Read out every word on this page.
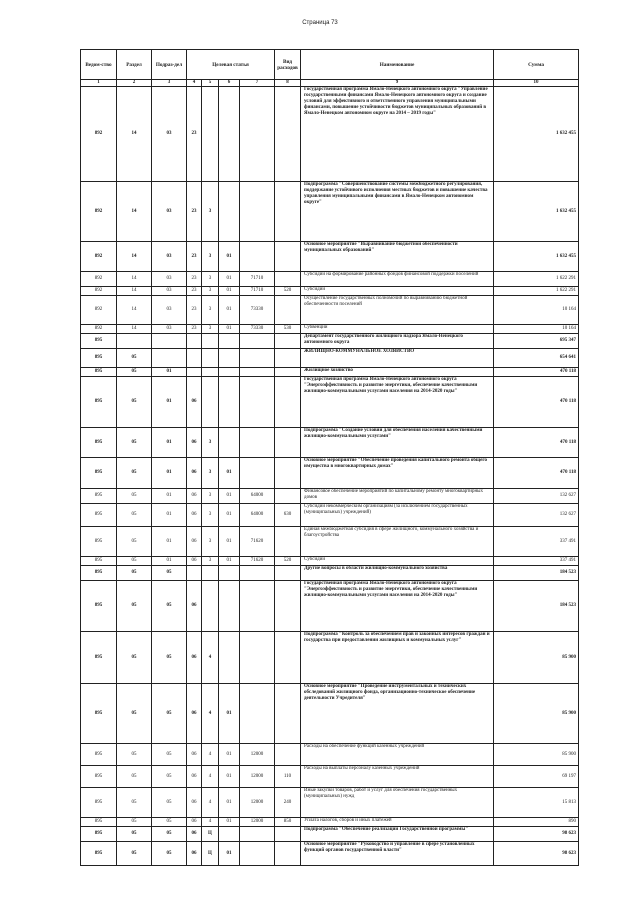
Страница 73
Ведом-ство	Раздел	Подраз-дел	Целевая статья				Вид расходов	Наименование	Сумма
1	2	3	4	5	6	7	8	9	10
892	14	03	23					Государственная программа Ямало-Ненецкого автономного округа "Управление государственными финансами Ямало-Ненецкого автономного округа и создание условий для эффективного и ответственного управления муниципальными финансами, повышение устойчивости бюджетов муниципальных образований в Ямало-Ненецком автономном округе на 2014 – 2019 годы"	1 632 455
892	14	03	23	3				Подпрограмма "Совершенствование системы межбюджетного регулирования, поддержание устойчивого исполнения местных бюджетов и повышение качества управления муниципальными финансами в Ямало-Ненецком автономном округе"	1 632 455
892	14	03	23	3	01			Основное мероприятие "Выравнивание бюджетной обеспеченности муниципальных образований"	1 632 455
892	14	03	23	3	01	71710		Субсидии на формирование районных фондов финансовой поддержки поселений	1 622 291
892	14	03	23	3	01	71710	520	Субсидии	1 622 291
892	14	03	23	3	01	73330		Осуществление государственных полномочий по выравниванию бюджетной обеспеченности поселений	10 164
892	14	03	23	3	01	73330	530	Субвенции	10 164
895								Департамент государственного жилищного надзора Ямало-Ненецкого автономного округа	695 347
895	05							ЖИЛИЩНО-КОММУНАЛЬНОЕ ХОЗЯЙСТВО	654 641
895	05	01						Жилищное хозяйство	470 118
895	05	01	06					Государственная программа Ямало-Ненецкого автономного округа "Энергоэффективность и развитие энергетики, обеспечение качественными жилищно-коммунальными услугами населения на 2014-2020 годы"	470 118
895	05	01	06	3				Подпрограмма "Создание условий для обеспечения населения качественными жилищно-коммунальными услугами"	470 118
895	05	01	06	3	01			Основное мероприятие "Обеспечение проведения капитального ремонта общего имущества в многоквартирных домах"	470 118
895	05	01	06	3	01	64000		Финансовое обеспечение мероприятий по капитальному ремонту многоквартирных домов	132 627
895	05	01	06	3	01	64000	630	Субсидии некоммерческим организациям (за исключением государственных (муниципальных) учреждений)	132 627
895	05	01	06	3	01	71620		Единая межбюджетная субсидия в сфере жилищного, коммунального хозяйства и благоустройства	337 491
895	05	01	06	3	01	71620	520	Субсидии	337 491
895	05	05						Другие вопросы в области жилищно-коммунального хозяйства	184 523
895	05	05	06					Государственная программа Ямало-Ненецкого автономного округа "Энергоэффективность и развитие энергетики, обеспечение качественными жилищно-коммунальными услугами населения на 2014-2020 годы"	184 523
895	05	05	06	4				Подпрограмма "Контроль за обеспечением прав и законных интересов граждан и государства при предоставлении жилищных и коммунальных услуг"	85 900
895	05	05	06	4	01			Основное мероприятие "Проведение инструментальных и технических обследований жилищного фонда, организационно-техническое обеспечение деятельности Учредителя"	85 900
895	05	05	06	4	01	12000		Расходы на обеспечение функций казенных учреждений	85 900
895	05	05	06	4	01	12000	110	Расходы на выплаты персоналу казенных учреждений	69 197
895	05	05	06	4	01	12000	240	Иные закупки товаров, работ и услуг для обеспечения государственных (муниципальных) нужд	15 813
895	05	05	06	4	01	12000	850	Уплата налогов, сборов и иных платежей	890
895	05	05	06	Ц				Подпрограмма "Обеспечение реализации Государственной программы"	98 623
895	05	05	06	Ц	01			Основное мероприятие "Руководство и управление в сфере установленных функций органов государственной власти"	98 623
